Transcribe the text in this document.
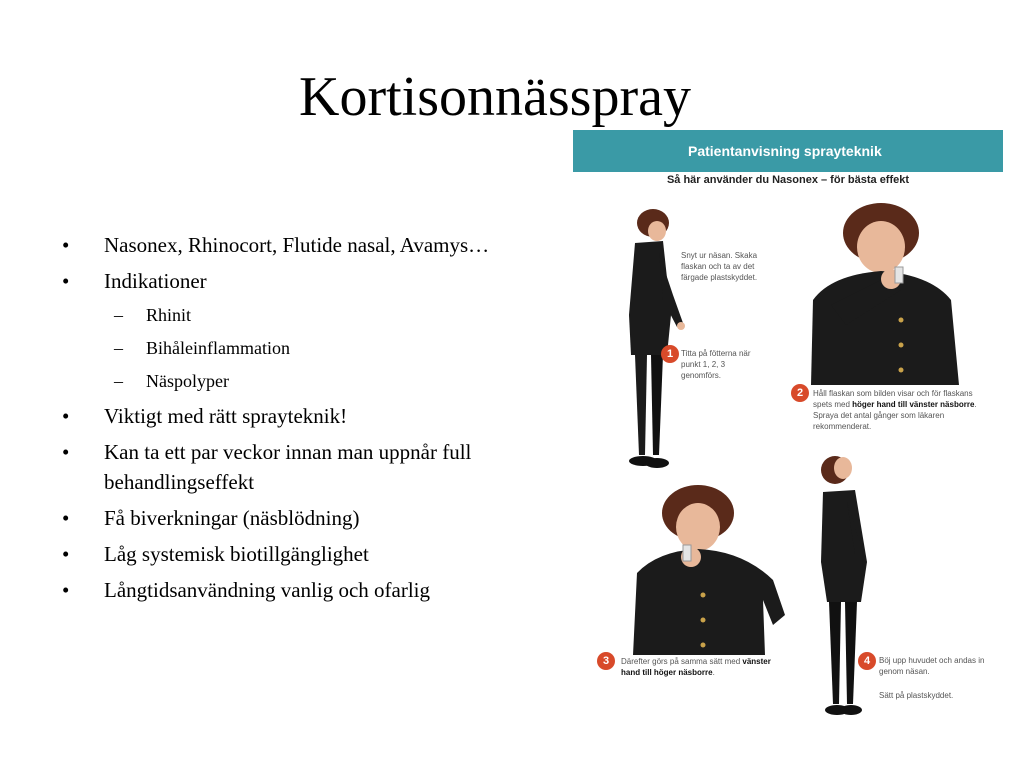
Kortisonnässpray
•	Nasonex, Rhinocort, Flutide nasal, Avamys…
•	Indikationer
–	Rhinit
–	Bihåleinflammation
–	Näspolyper
•	Viktigt med rätt sprayteknik!
•	Kan ta ett par veckor innan man uppnår full behandlingseffekt
•	Få biverkningar (näsblödning)
•	Låg systemisk biotillgänglighet
•	Långtidsanvändning vanlig och ofarlig
Patientanvisning sprayteknik
Så här använder du Nasonex – för bästa effekt
Snyt ur näsan. Skaka flaskan och ta av det färgade plastskyddet.
1 Titta på fötterna när punkt 1, 2, 3 genomförs.
2	Håll flaskan som bilden visar och för flaskans spets med höger hand till vänster näsborre. Spraya det antal gånger som läkaren rekommenderat.
3	Därefter görs på samma sätt med vänster hand till höger näsborre.
4	Böj upp huvudet och andas in genom näsan.
Sätt på plastskyddet.
